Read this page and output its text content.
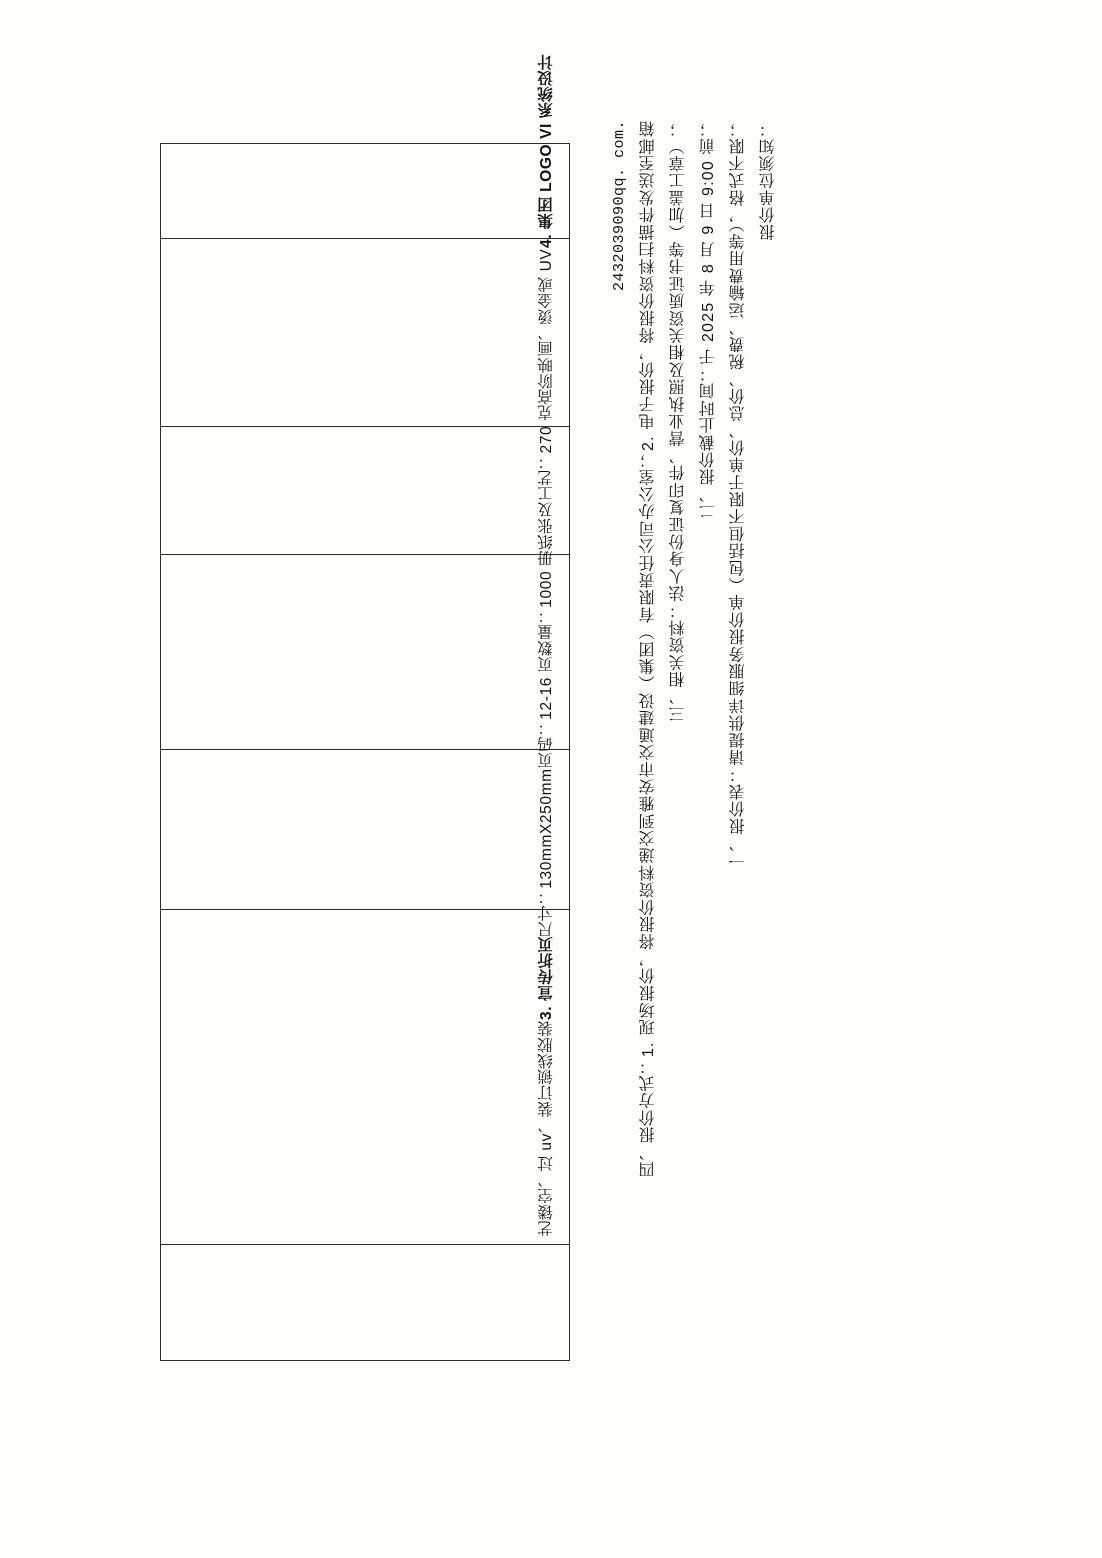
艺镂空、过 uv、装订锁
线胶装
3. 宣传折页
尺寸：130mmX250mm
页码：12-16 页
数量：1000 册
纸张及工艺：270 克高
阶映画、烫金或 UV
4. 集团 LOGO VI 系统设
计
报价单位须知：
一、报价表：请提供详细服务报价单（包括但不限于单价、总价、税费、运输费用等），格式不限；
二、报价截止时间：于 2025 年 8 月 9 日 9:00 前；
三、相关资料：法人身份证复印件、营业执照及相关资质证书等（加盖工章）；
四、报价方式：1. 现场报价，将报价资料递交到雅安市交通建设（集团）有限责任公司办公室；2. 电子报价，将报价资料扫描件发送至邮箱
2432039090qq. com.
